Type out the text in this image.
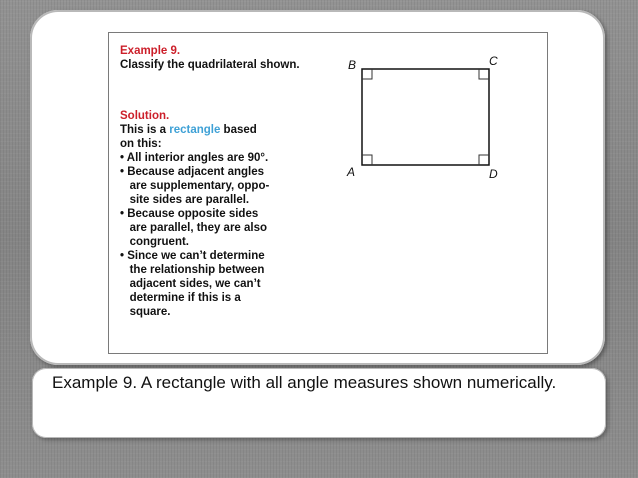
Example 9.
Classify the quadrilateral shown.
Solution.
This is a rectangle based
on this:
• All interior angles are 90°.
• Because adjacent angles
are supplementary, oppo-
site sides are parallel.
• Because opposite sides
are parallel, they are also
congruent.
• Since we can’t determine
the relationship between
adjacent sides, we can’t
determine if this is a
square.
B	C
A	D
Example 9. A rectangle with all angle measures shown numerically.
